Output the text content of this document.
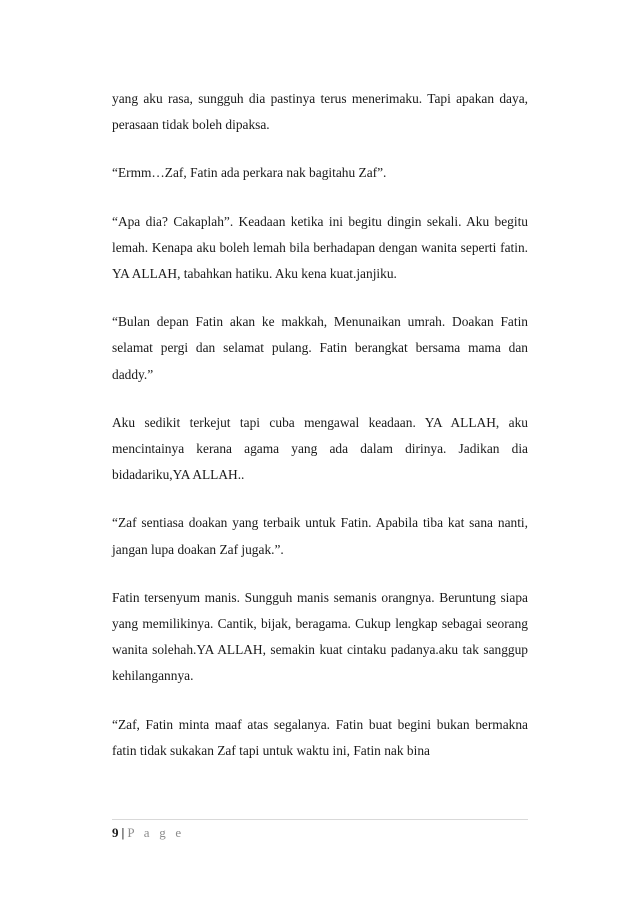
yang aku rasa, sungguh dia pastinya terus menerimaku. Tapi apakan daya, perasaan tidak boleh dipaksa.

“Ermm…Zaf, Fatin ada perkara nak bagitahu Zaf”.

“Apa dia? Cakaplah”. Keadaan ketika ini begitu dingin sekali. Aku begitu lemah. Kenapa aku boleh lemah bila berhadapan dengan wanita seperti fatin. YA ALLAH, tabahkan hatiku. Aku kena kuat.janjiku.

“Bulan depan Fatin akan ke makkah, Menunaikan umrah. Doakan Fatin selamat pergi dan selamat pulang. Fatin berangkat bersama mama dan daddy.”

Aku sedikit terkejut tapi cuba mengawal keadaan. YA ALLAH, aku mencintainya kerana agama yang ada dalam dirinya. Jadikan dia bidadariku,YA ALLAH..

“Zaf sentiasa doakan yang terbaik untuk Fatin. Apabila tiba kat sana nanti, jangan lupa doakan Zaf jugak.”.

Fatin tersenyum manis. Sungguh manis semanis orangnya. Beruntung siapa yang memilikinya. Cantik, bijak, beragama. Cukup lengkap sebagai seorang wanita solehah.YA ALLAH, semakin kuat cintaku padanya.aku tak sanggup kehilangannya.

“Zaf, Fatin minta maaf atas segalanya. Fatin buat begini bukan bermakna fatin tidak sukakan Zaf tapi untuk waktu ini, Fatin nak bina

9 | P a g e
